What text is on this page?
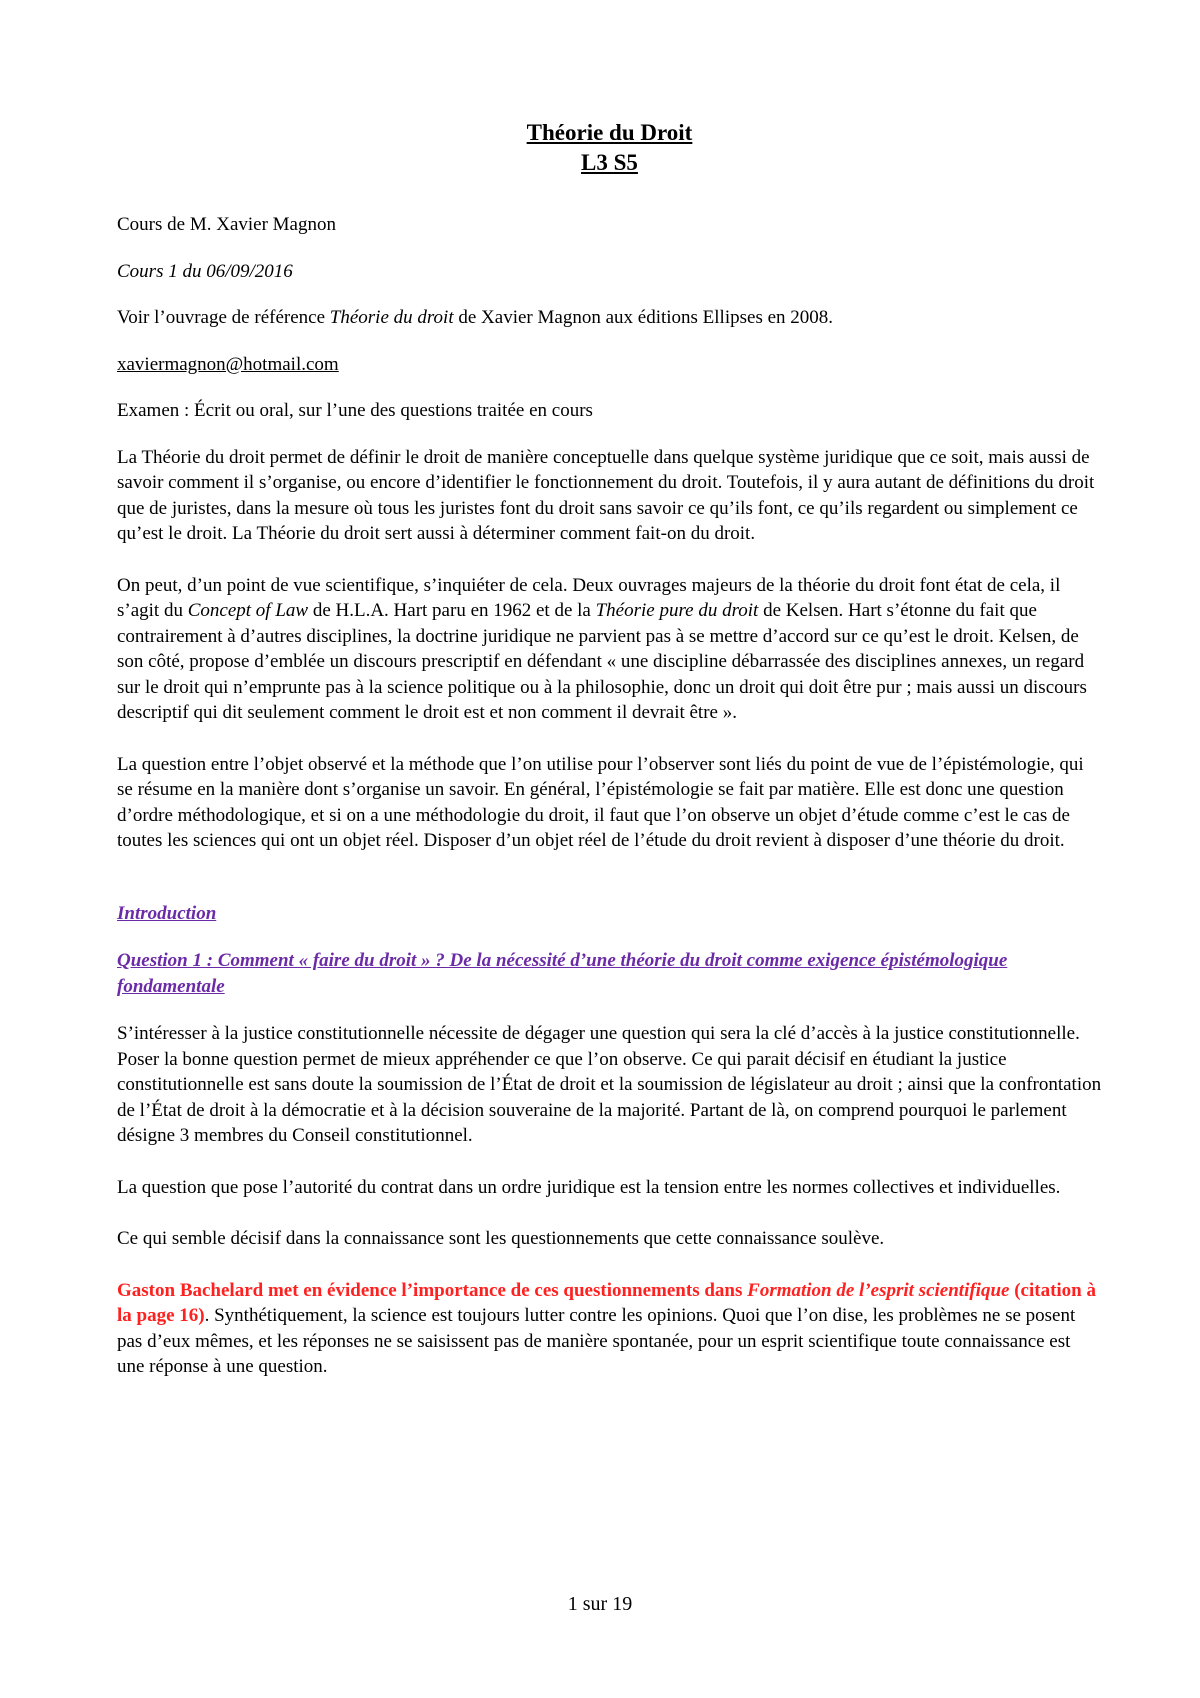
Théorie du Droit

L3 S5

Cours de M. Xavier Magnon

Cours 1 du 06/09/2016

Voir l’ouvrage de référence Théorie du droit de Xavier Magnon aux éditions Ellipses en 2008.

xaviermagnon@hotmail.com

Examen : Écrit ou oral, sur l’une des questions traitée en cours

La Théorie du droit permet de définir le droit de manière conceptuelle dans quelque système juridique que ce soit, mais aussi de savoir comment il s’organise, ou encore d’identifier le fonctionnement du droit. Toutefois, il y aura autant de définitions du droit que de juristes, dans la mesure où tous les juristes font du droit sans savoir ce qu’ils font, ce qu’ils regardent ou simplement ce qu’est le droit. La Théorie du droit sert aussi à déterminer comment fait-on du droit.

On peut, d’un point de vue scientifique, s’inquiéter de cela. Deux ouvrages majeurs de la théorie du droit font état de cela, il s’agit du Concept of Law de H.L.A. Hart paru en 1962 et de la Théorie pure du droit de Kelsen. Hart s’étonne du fait que contrairement à d’autres disciplines, la doctrine juridique ne parvient pas à se mettre d’accord sur ce qu’est le droit. Kelsen, de son côté, propose d’emblée un discours prescriptif en défendant « une discipline débarrassée des disciplines annexes, un regard sur le droit qui n’emprunte pas à la science politique ou à la philosophie, donc un droit qui doit être pur ; mais aussi un discours descriptif qui dit seulement comment le droit est et non comment il devrait être ».

La question entre l’objet observé et la méthode que l’on utilise pour l’observer sont liés du point de vue de l’épistémologie, qui se résume en la manière dont s’organise un savoir. En général, l’épistémologie se fait par matière. Elle est donc une question d’ordre méthodologique, et si on a une méthodologie du droit, il faut que l’on observe un objet d’étude comme c’est le cas de toutes les sciences qui ont un objet réel. Disposer d’un objet réel de l’étude du droit revient à disposer d’une théorie du droit.

Introduction

Question 1 : Comment « faire du droit » ? De la nécessité d’une théorie du droit comme exigence épistémologique fondamentale

S’intéresser à la justice constitutionnelle nécessite de dégager une question qui sera la clé d’accès à la justice constitutionnelle. Poser la bonne question permet de mieux appréhender ce que l’on observe. Ce qui parait décisif en étudiant la justice constitutionnelle est sans doute la soumission de l’État de droit et la soumission de législateur au droit ; ainsi que la confrontation de l’État de droit à la démocratie et à la décision souveraine de la majorité. Partant de là, on comprend pourquoi le parlement désigne 3 membres du Conseil constitutionnel.

La question que pose l’autorité du contrat dans un ordre juridique est la tension entre les normes collectives et individuelles.

Ce qui semble décisif dans la connaissance sont les questionnements que cette connaissance soulève.

Gaston Bachelard met en évidence l’importance de ces questionnements dans Formation de l’esprit scientifique (citation à la page 16). Synthétiquement, la science est toujours lutter contre les opinions. Quoi que l’on dise, les problèmes ne se posent pas d’eux mêmes, et les réponses ne se saisissent pas de manière spontanée, pour un esprit scientifique toute connaissance est une réponse à une question.

1 sur 19
